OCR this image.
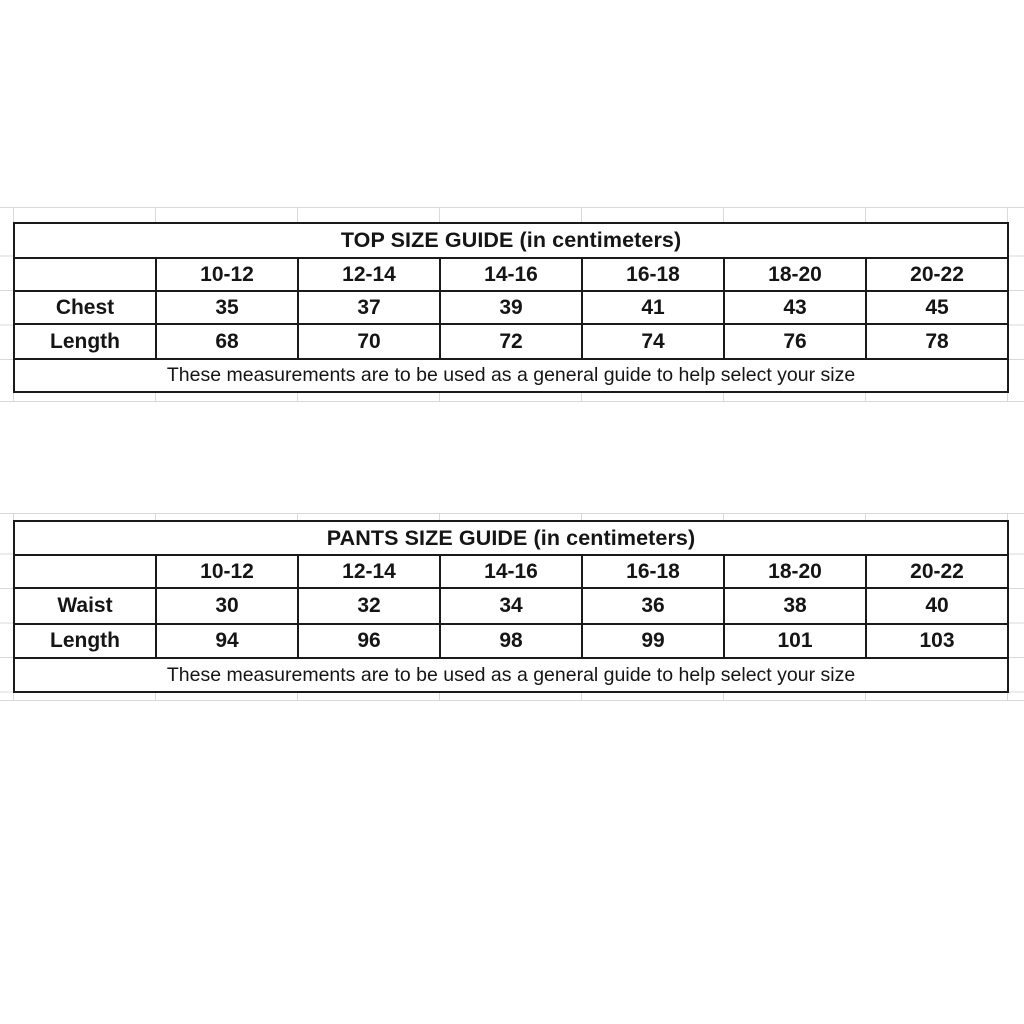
TOP SIZE GUIDE (in centimeters)						
	10-12	12-14	14-16	16-18	18-20	20-22
Chest	35	37	39	41	43	45
Length	68	70	72	74	76	78
These measurements are to be used as a general guide to help select your size						
PANTS SIZE GUIDE (in centimeters)						
	10-12	12-14	14-16	16-18	18-20	20-22
Waist	30	32	34	36	38	40
Length	94	96	98	99	101	103
These measurements are to be used as a general guide to help select your size						
